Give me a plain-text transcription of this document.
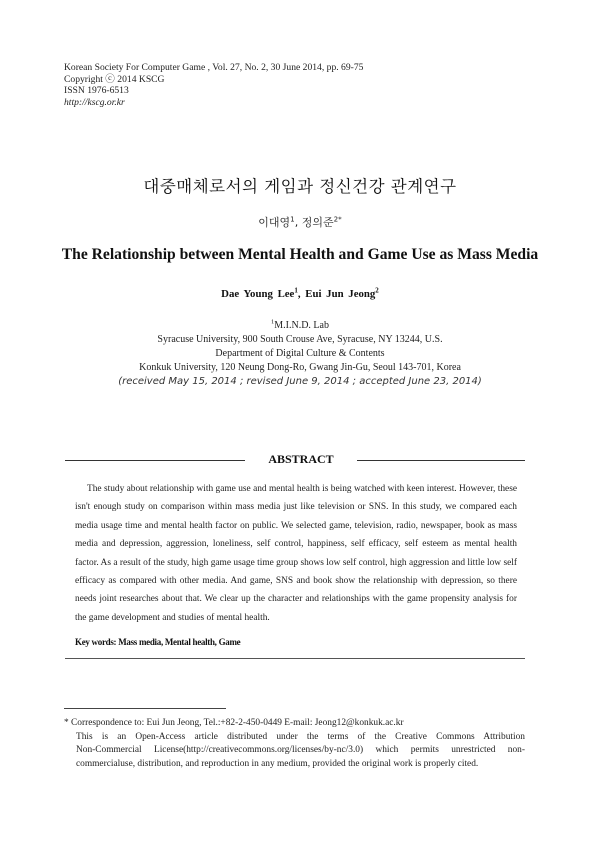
Korean Society For Computer Game , Vol. 27, No. 2, 30 June 2014, pp. 69-75
Copyright ⓒ 2014 KSCG
ISSN 1976-6513
http://kscg.or.kr
대중매체로서의 게임과 정신건강 관계연구
이대영$^1$, 정의준$^{2*}$
The Relationship between Mental Health and Game Use as Mass Media
Dae Young Lee$^1$, Eui Jun Jeong$^2$
$^1$M.I.N.D. Lab
Syracuse University, 900 South Crouse Ave, Syracuse, NY 13244, U.S.
Department of Digital Culture & Contents
Konkuk University, 120 Neung Dong-Ro, Gwang Jin-Gu, Seoul 143-701, Korea
(received May 15, 2014 ; revised June 9, 2014 ; accepted June 23, 2014)
ABSTRACT

The study about relationship with game use and mental health is being watched with keen interest. However, these isn't enough study on comparison within mass media just like television or SNS. In this study, we compared each media usage time and mental health factor on public. We selected game, television, radio, newspaper, book as mass media and depression, aggression, loneliness, self control, happiness, self efficacy, self esteem as mental health factor. As a result of the study, high game usage time group shows low self control, high aggression and little low self efficacy as compared with other media. And game, SNS and book show the relationship with depression, so there needs joint researches about that. We clear up the character and relationships with the game propensity analysis for the game development and studies of mental health.

Key words: Mass media, Mental health, Game
* Correspondence to: Eui Jun Jeong, Tel.:+82-2-450-0449 E-mail: Jeong12@konkuk.ac.kr
This is an Open-Access article distributed under the terms of the Creative Commons Attribution
Non-Commercial License(http://creativecommons.org/licenses/by-nc/3.0) which permits unrestricted non-
commercialuse, distribution, and reproduction in any medium, provided the original work is properly cited.
